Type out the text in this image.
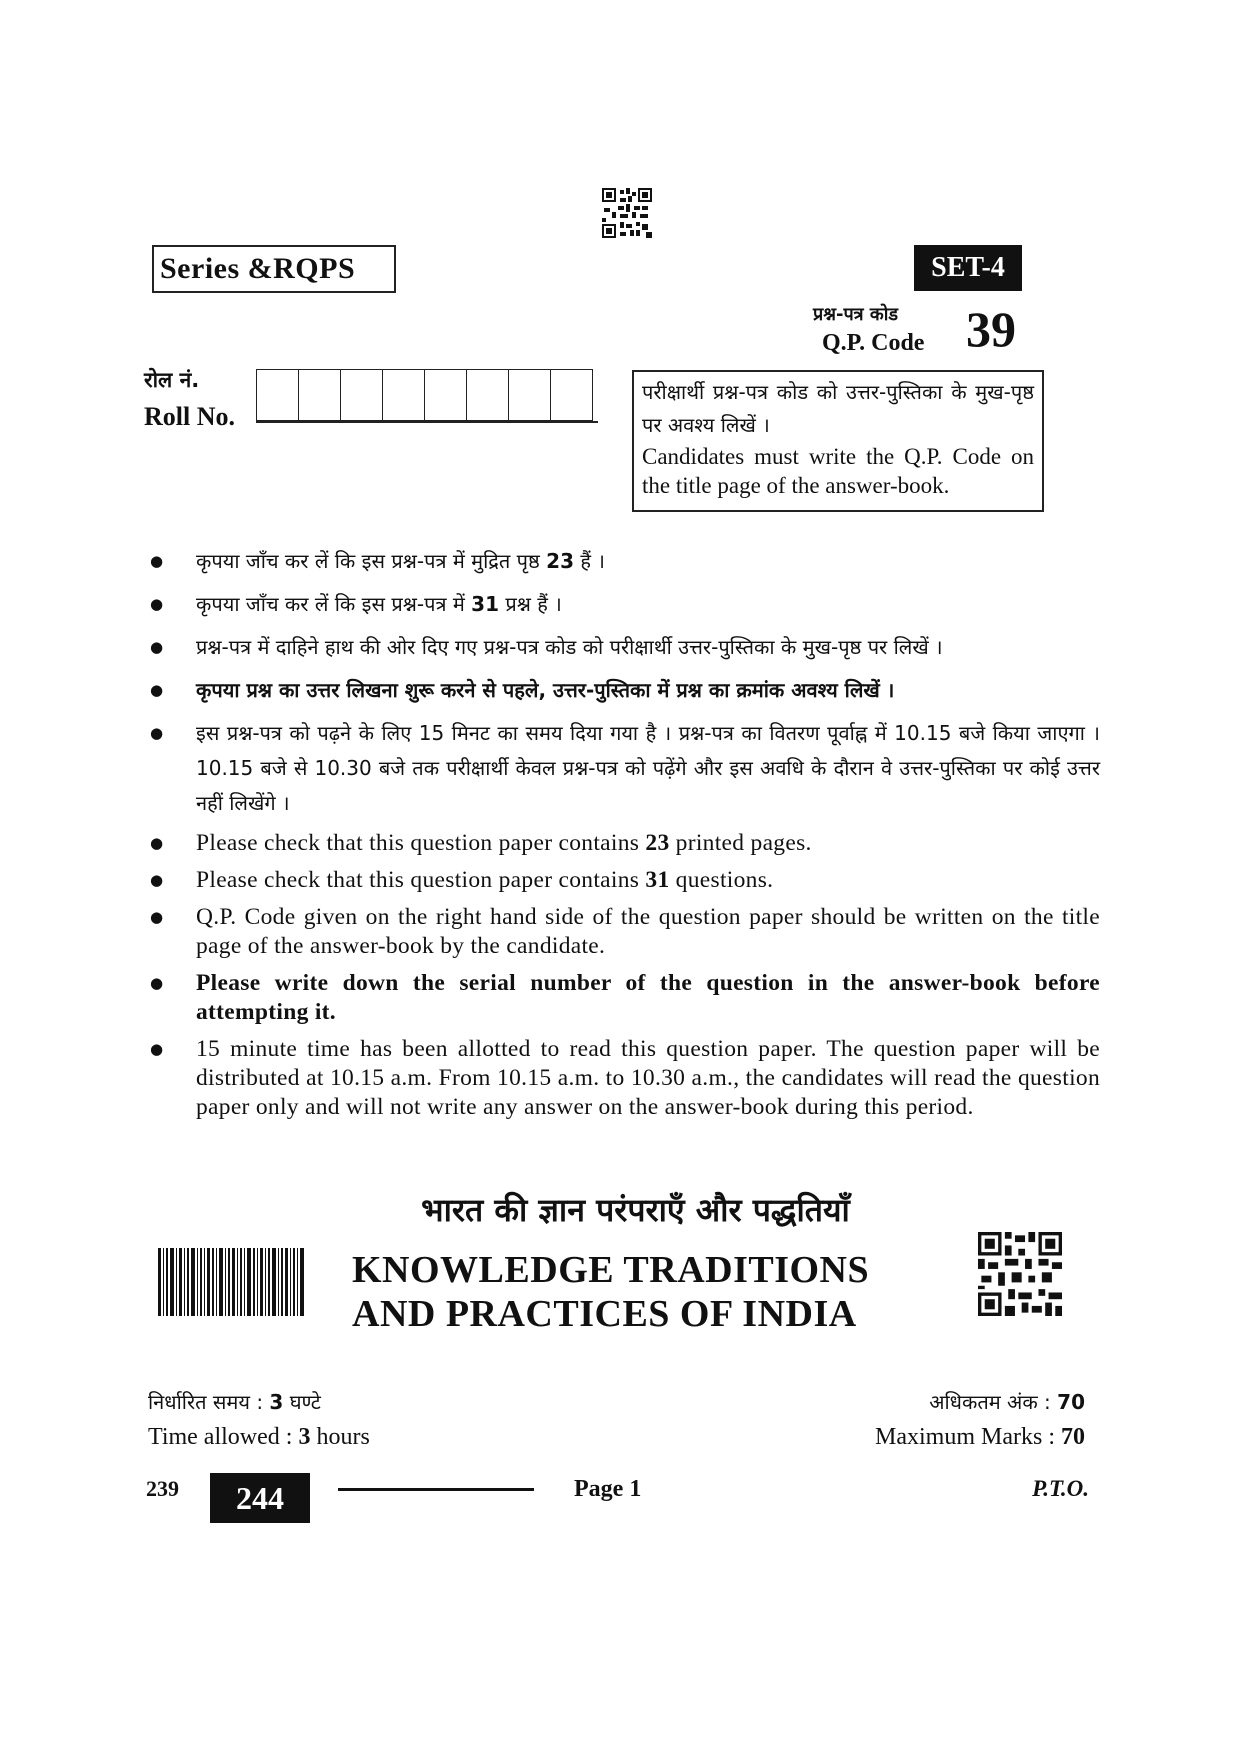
Series &RQPS	SET-4
प्रश्न-पत्र कोड
Q.P. Code 39
रोल नं.
Roll No.
परीक्षार्थी प्रश्न-पत्र कोड को उत्तर-पुस्तिका के मुख-पृष्ठ पर अवश्य लिखें ।
Candidates must write the Q.P. Code on the title page of the answer-book.
● कृपया जाँच कर लें कि इस प्रश्न-पत्र में मुद्रित पृष्ठ 23 हैं ।
● कृपया जाँच कर लें कि इस प्रश्न-पत्र में 31 प्रश्न हैं ।
● प्रश्न-पत्र में दाहिने हाथ की ओर दिए गए प्रश्न-पत्र कोड को परीक्षार्थी उत्तर-पुस्तिका के मुख-पृष्ठ पर लिखें ।
● कृपया प्रश्न का उत्तर लिखना शुरू करने से पहले, उत्तर-पुस्तिका में प्रश्न का क्रमांक अवश्य लिखें ।
● इस प्रश्न-पत्र को पढ़ने के लिए 15 मिनट का समय दिया गया है । प्रश्न-पत्र का वितरण पूर्वाह्न में 10.15 बजे किया जाएगा । 10.15 बजे से 10.30 बजे तक परीक्षार्थी केवल प्रश्न-पत्र को पढ़ेंगे और इस अवधि के दौरान वे उत्तर-पुस्तिका पर कोई उत्तर नहीं लिखेंगे ।
● Please check that this question paper contains 23 printed pages.
● Please check that this question paper contains 31 questions.
● Q.P. Code given on the right hand side of the question paper should be written on the title page of the answer-book by the candidate.
● Please write down the serial number of the question in the answer-book before attempting it.
● 15 minute time has been allotted to read this question paper. The question paper will be distributed at 10.15 a.m. From 10.15 a.m. to 10.30 a.m., the candidates will read the question paper only and will not write any answer on the answer-book during this period.
भारत की ज्ञान परंपराएँ और पद्धतियाँ
KNOWLEDGE TRADITIONS
AND PRACTICES OF INDIA
निर्धारित समय : 3 घण्टे
Time allowed : 3 hours
अधिकतम अंक : 70
Maximum Marks : 70
239	244	Page 1	P.T.O.
